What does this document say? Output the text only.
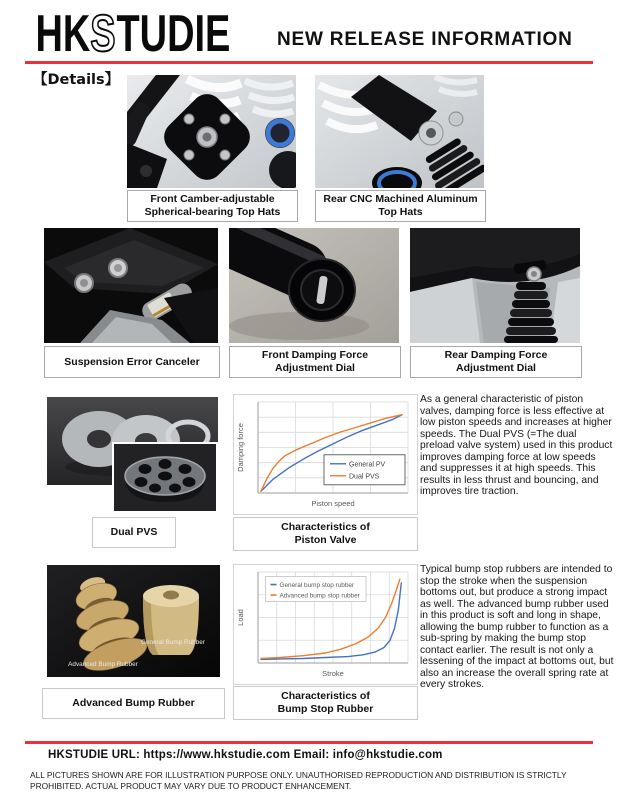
HK S TUDIE NEW RELEASE INFORMATION
【Details】
Front Camber-adjustable
Spherical-bearing Top Hats
Rear CNC Machined Aluminum
Top Hats
Suspension Error Canceler
Front Damping Force
Adjustment Dial
Rear Damping Force
Adjustment Dial
Dual PVS
Piston speed
Damping force	General PV
Dual PVS
Characteristics of
Piston Valve
As a general characteristic of piston valves, damping force is less effective at low piston speeds and increases at higher speeds. The Dual PVS (=The dual preload valve system) used in this product improves damping force at low speeds and suppresses it at high speeds. This results in less thrust and bouncing, and improves tire traction.
Advanced Bump Rubber
General Bump Rubber
Advanced Bump Rubber
Stroke
Load
General bump stop rubber
Advanced bump stop rubber
Characteristics of
Bump Stop Rubber
Typical bump stop rubbers are intended to stop the stroke when the suspension bottoms out, but produce a strong impact as well. The advanced bump rubber used in this product is soft and long in shape, allowing the bump rubber to function as a sub-spring by making the bump stop contact earlier. The result is not only a lessening of the impact at bottoms out, but also an increase the overall spring rate at every strokes.
HKSTUDIE URL: https://www.hkstudie.com Email: info@hkstudie.com
ALL PICTURES SHOWN ARE FOR ILLUSTRATION PURPOSE ONLY. UNAUTHORISED REPRODUCTION AND DISTRIBUTION IS STRICTLY PROHIBITED. ACTUAL PRODUCT MAY VARY DUE TO PRODUCT ENHANCEMENT.
